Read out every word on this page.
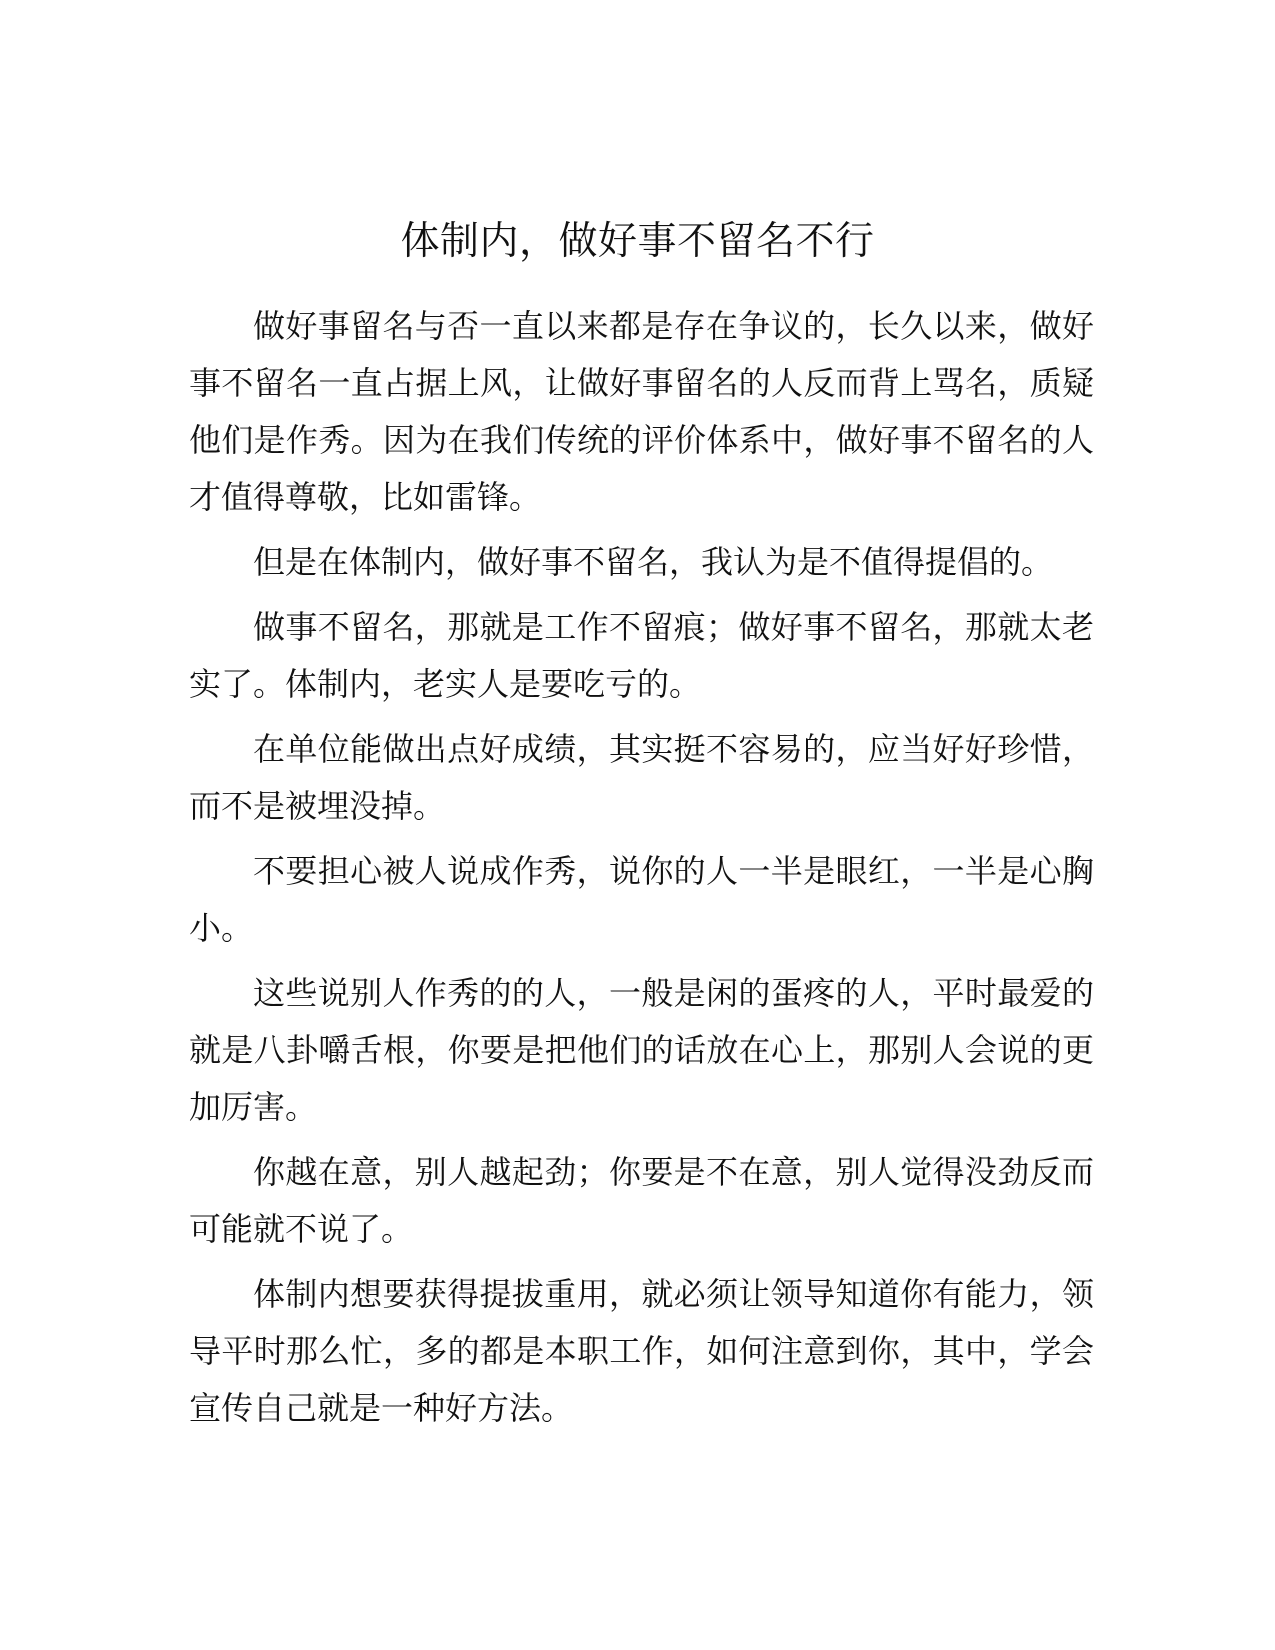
体制内，做好事不留名不行

做好事留名与否一直以来都是存在争议的，长久以来，做好事不留名一直占据上风，让做好事留名的人反而背上骂名，质疑他们是作秀。因为在我们传统的评价体系中，做好事不留名的人才值得尊敬，比如雷锋。

但是在体制内，做好事不留名，我认为是不值得提倡的。

做事不留名，那就是工作不留痕；做好事不留名，那就太老实了。体制内，老实人是要吃亏的。

在单位能做出点好成绩，其实挺不容易的，应当好好珍惜，而不是被埋没掉。

不要担心被人说成作秀，说你的人一半是眼红，一半是心胸小。

这些说别人作秀的的人，一般是闲的蛋疼的人，平时最爱的就是八卦嚼舌根，你要是把他们的话放在心上，那别人会说的更加厉害。

你越在意，别人越起劲；你要是不在意，别人觉得没劲反而可能就不说了。

体制内想要获得提拔重用，就必须让领导知道你有能力，领导平时那么忙，多的都是本职工作，如何注意到你，其中，学会宣传自己就是一种好方法。
